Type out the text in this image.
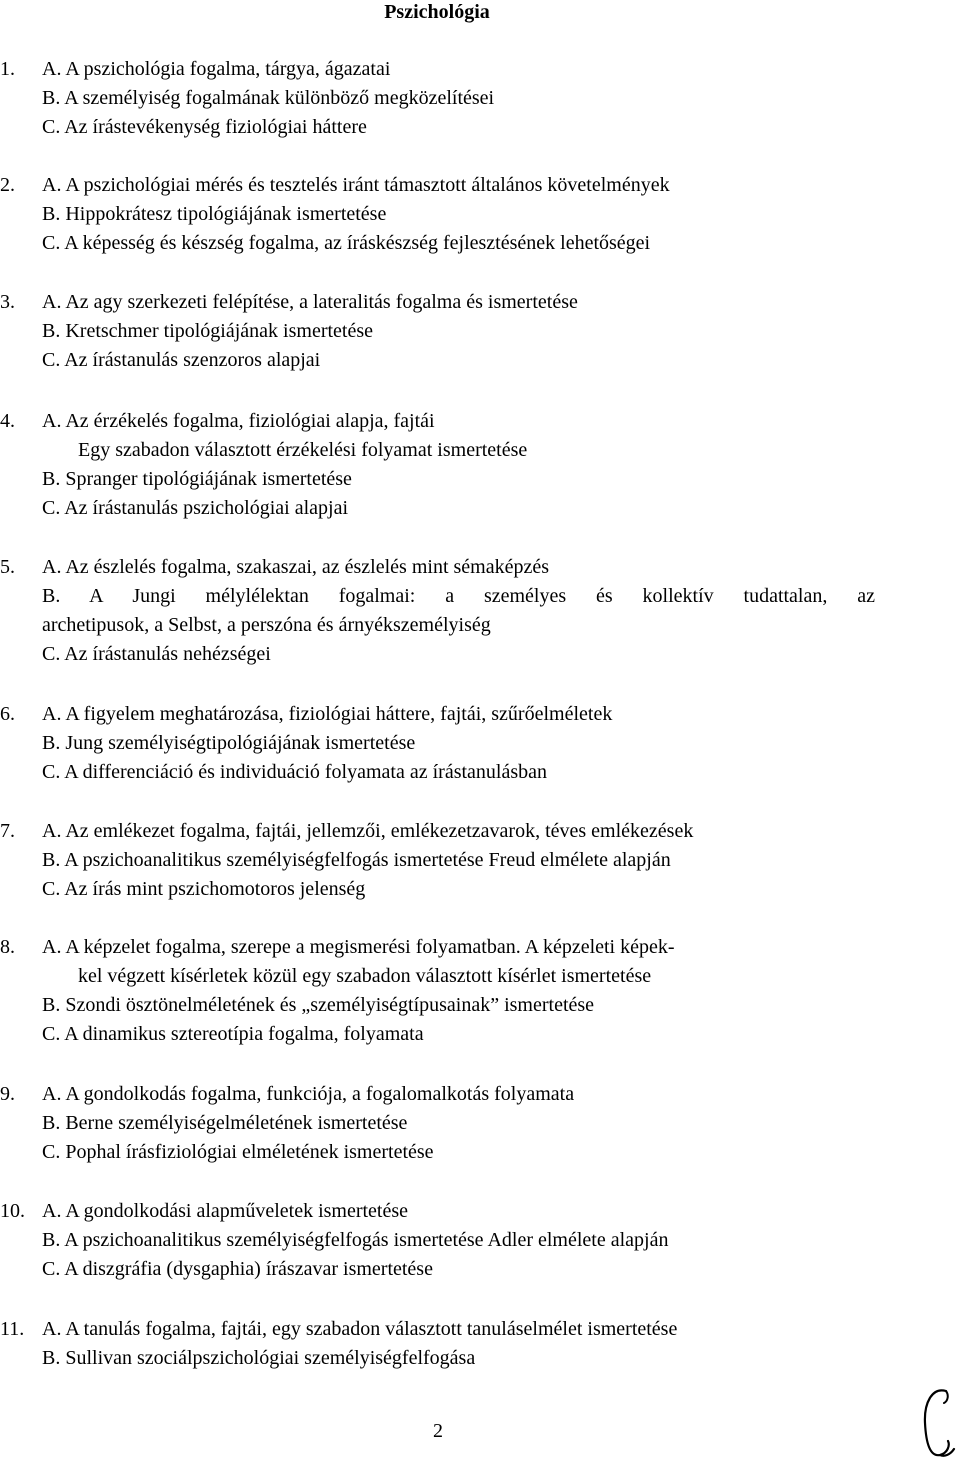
Pszichológia
1.	A. A pszichológia fogalma, tárgya, ágazatai
B. A személyiség fogalmának különböző megközelítései
C. Az írástevékenység fiziológiai háttere
2.	A. A pszichológiai mérés és tesztelés iránt támasztott általános követelmények
B. Hippokrátesz tipológiájának ismertetése
C. A képesség és készség fogalma, az íráskészség fejlesztésének lehetőségei
3.	A. Az agy szerkezeti felépítése, a lateralitás fogalma és ismertetése
B. Kretschmer tipológiájának ismertetése
C. Az írástanulás szenzoros alapjai
4.	A. Az érzékelés fogalma, fiziológiai alapja, fajtái
Egy szabadon választott érzékelési folyamat ismertetése
B. Spranger tipológiájának ismertetése
C. Az írástanulás pszichológiai alapjai
5.	A. Az észlelés fogalma, szakaszai, az észlelés mint sémaképzés
B. A Jungi mélylélektan fogalmai: a személyes és kollektív tudattalan, az
archetipusok, a Selbst, a perszóna és árnyékszemélyiség
C. Az írástanulás nehézségei
6.	A. A figyelem meghatározása, fiziológiai háttere, fajtái, szűrőelméletek
B. Jung személyiségtipológiájának ismertetése
C. A differenciáció és individuáció folyamata az írástanulásban
7.	A. Az emlékezet fogalma, fajtái, jellemzői, emlékezetzavarok, téves emlékezések
B. A pszichoanalitikus személyiségfelfogás ismertetése Freud elmélete alapján
C. Az írás mint pszichomotoros jelenség
8.	A. A képzelet fogalma, szerepe a megismerési folyamatban. A képzeleti képek-
kel végzett kísérletek közül egy szabadon választott kísérlet ismertetése
B. Szondi ösztönelméletének és „személyiségtípusainak” ismertetése
C. A dinamikus sztereotípia fogalma, folyamata
9.	A. A gondolkodás fogalma, funkciója, a fogalomalkotás folyamata
B. Berne személyiségelméletének ismertetése
C. Pophal írásfiziológiai elméletének ismertetése
10. A. A gondolkodási alapműveletek ismertetése
B. A pszichoanalitikus személyiségfelfogás ismertetése Adler elmélete alapján
C. A diszgráfia (dysgaphia) írászavar ismertetése
11. A. A tanulás fogalma, fajtái, egy szabadon választott tanuláselmélet ismertetése
B. Sullivan szociálpszichológiai személyiségfelfogása
2
